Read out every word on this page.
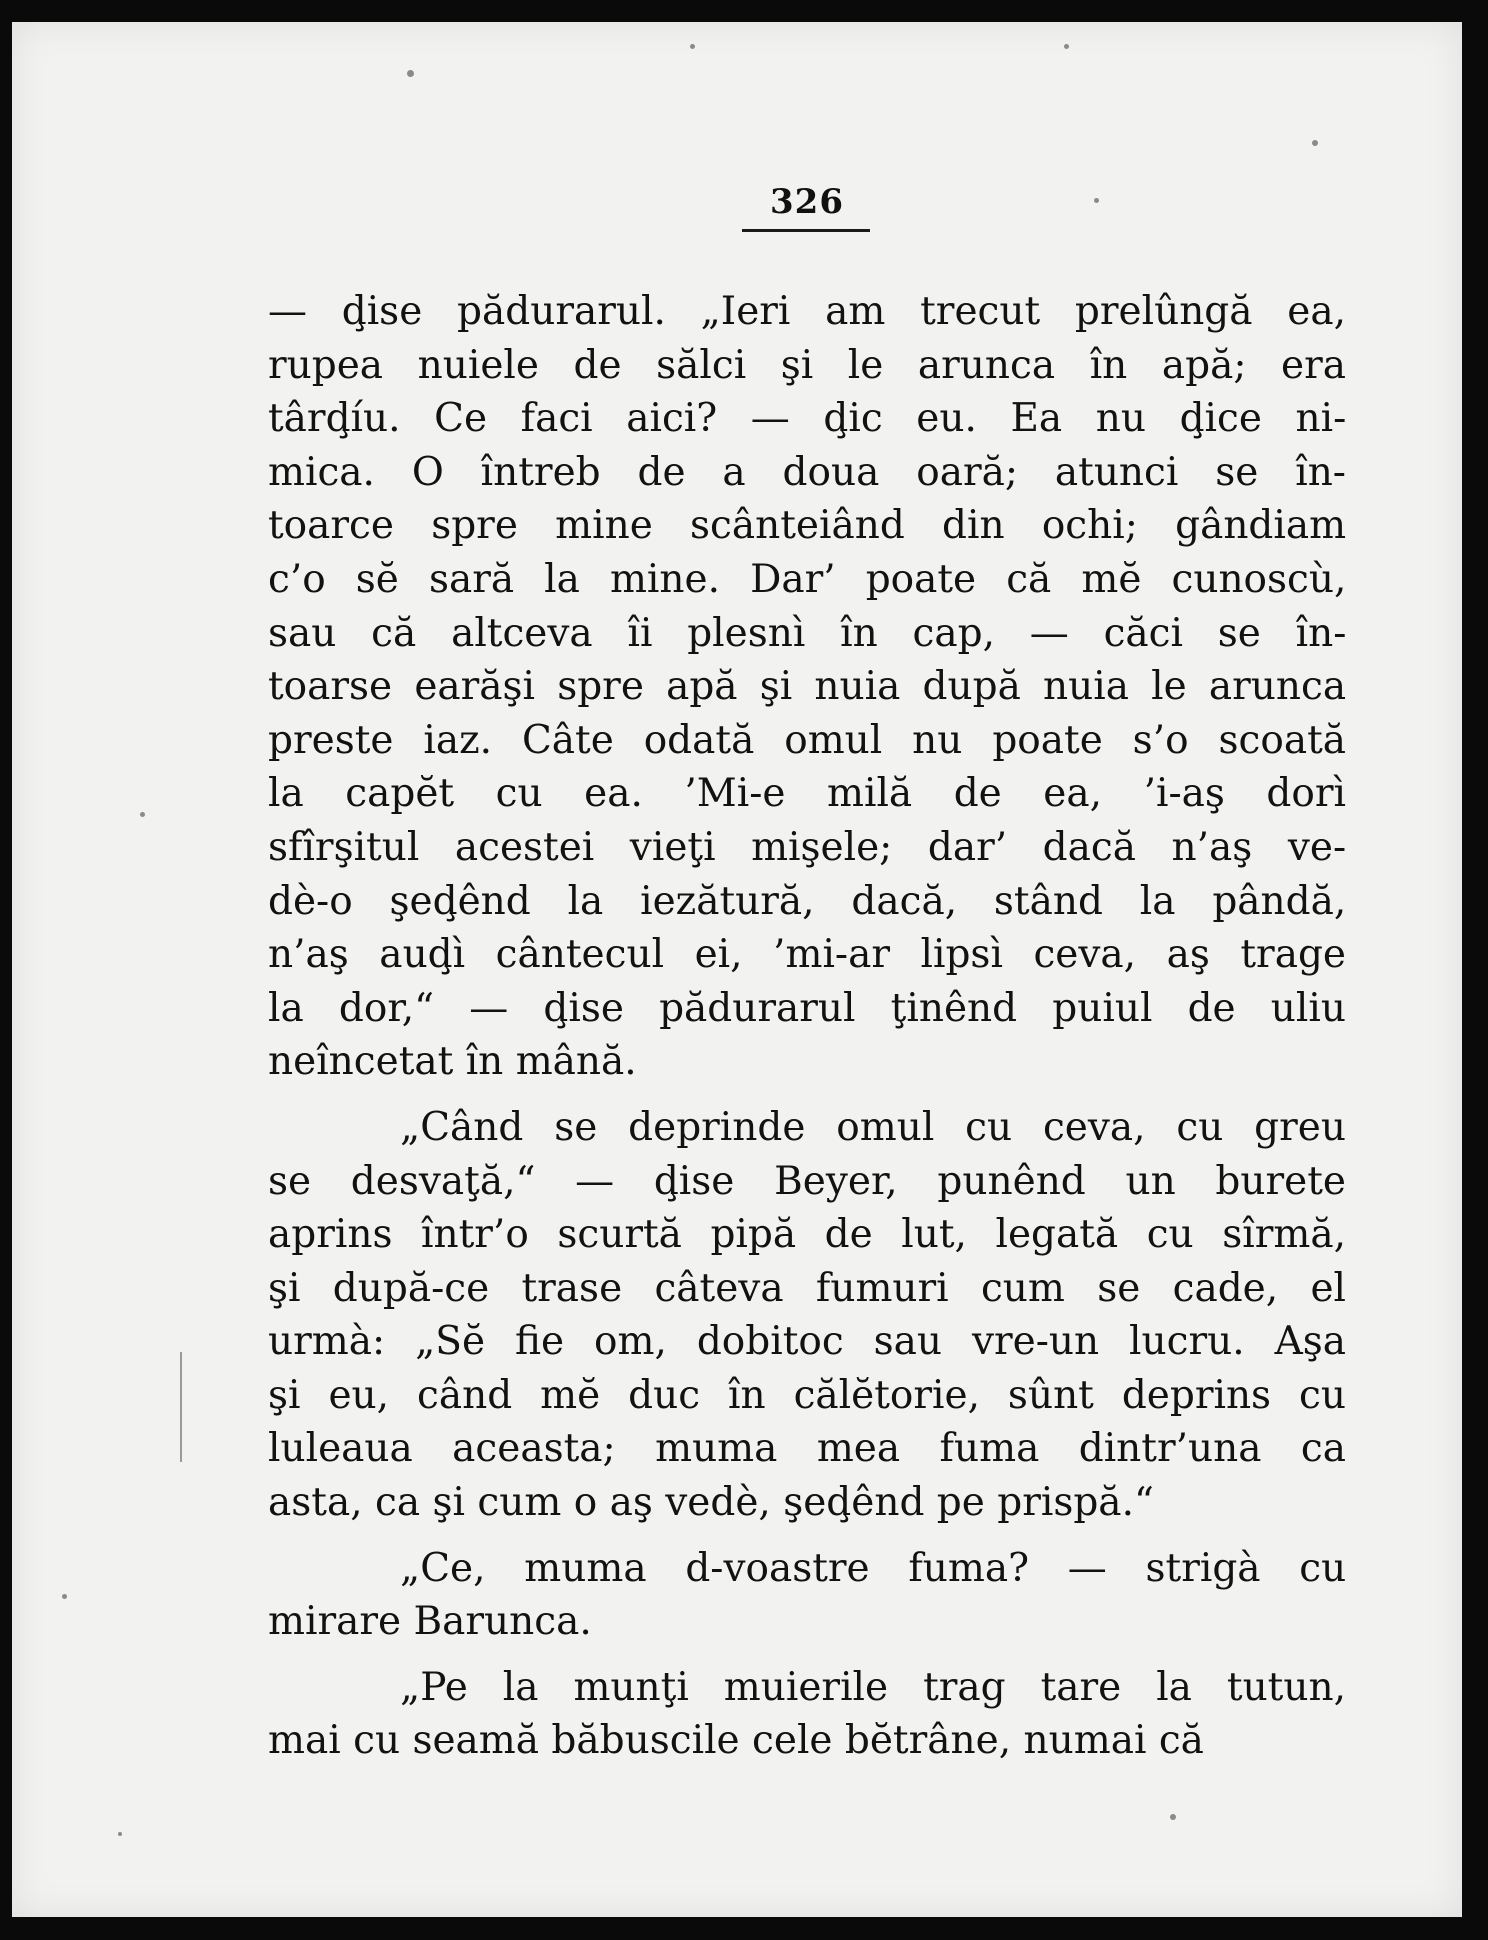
326

— ḑise pădurarul. „Ieri am trecut prelûngă ea,
rupea nuiele de sălci şi le arunca în apă; era
târḑíu. Ce faci aici? — ḑic eu. Ea nu ḑice ni-
mica. O întreb de a doua oară; atunci se în-
toarce spre mine scânteiând din ochi; gândiam
c’o sĕ sară la mine. Dar’ poate că mĕ cunoscù,
sau că altceva îi plesnì în cap, — căci se în-
toarse earăşi spre apă şi nuia după nuia le arunca
preste iaz. Câte odată omul nu poate s’o scoată
la capĕt cu ea. ’Mi-e milă de ea, ’i-aş dorì
sfîrşitul acestei vieţi mişele; dar’ dacă n’aş ve-
dè-o şeḑênd la iezătură, dacă, stând la pândă,
n’aş auḑì cântecul ei, ’mi-ar lipsì ceva, aş trage
la dor,“ — ḑise pădurarul ţinênd puiul de uliu
neîncetat în mână.

„Când se deprinde omul cu ceva, cu greu
se desvaţă,“ — ḑise Beyer, punênd un burete
aprins într’o scurtă pipă de lut, legată cu sîrmă,
şi după-ce trase câteva fumuri cum se cade, el
urmà: „Sĕ fie om, dobitoc sau vre-un lucru. Aşa
şi eu, când mĕ duc în călĕtorie, sûnt deprins cu
luleaua aceasta; muma mea fuma dintr’una ca
asta, ca şi cum o aş vedè, şeḑênd pe prispă.“

„Ce, muma d-voastre fuma? — strigà cu
mirare Barunca.

„Pe la munţi muierile trag tare la tutun,
mai cu seamă băbuscile cele bĕtrâne, numai că
